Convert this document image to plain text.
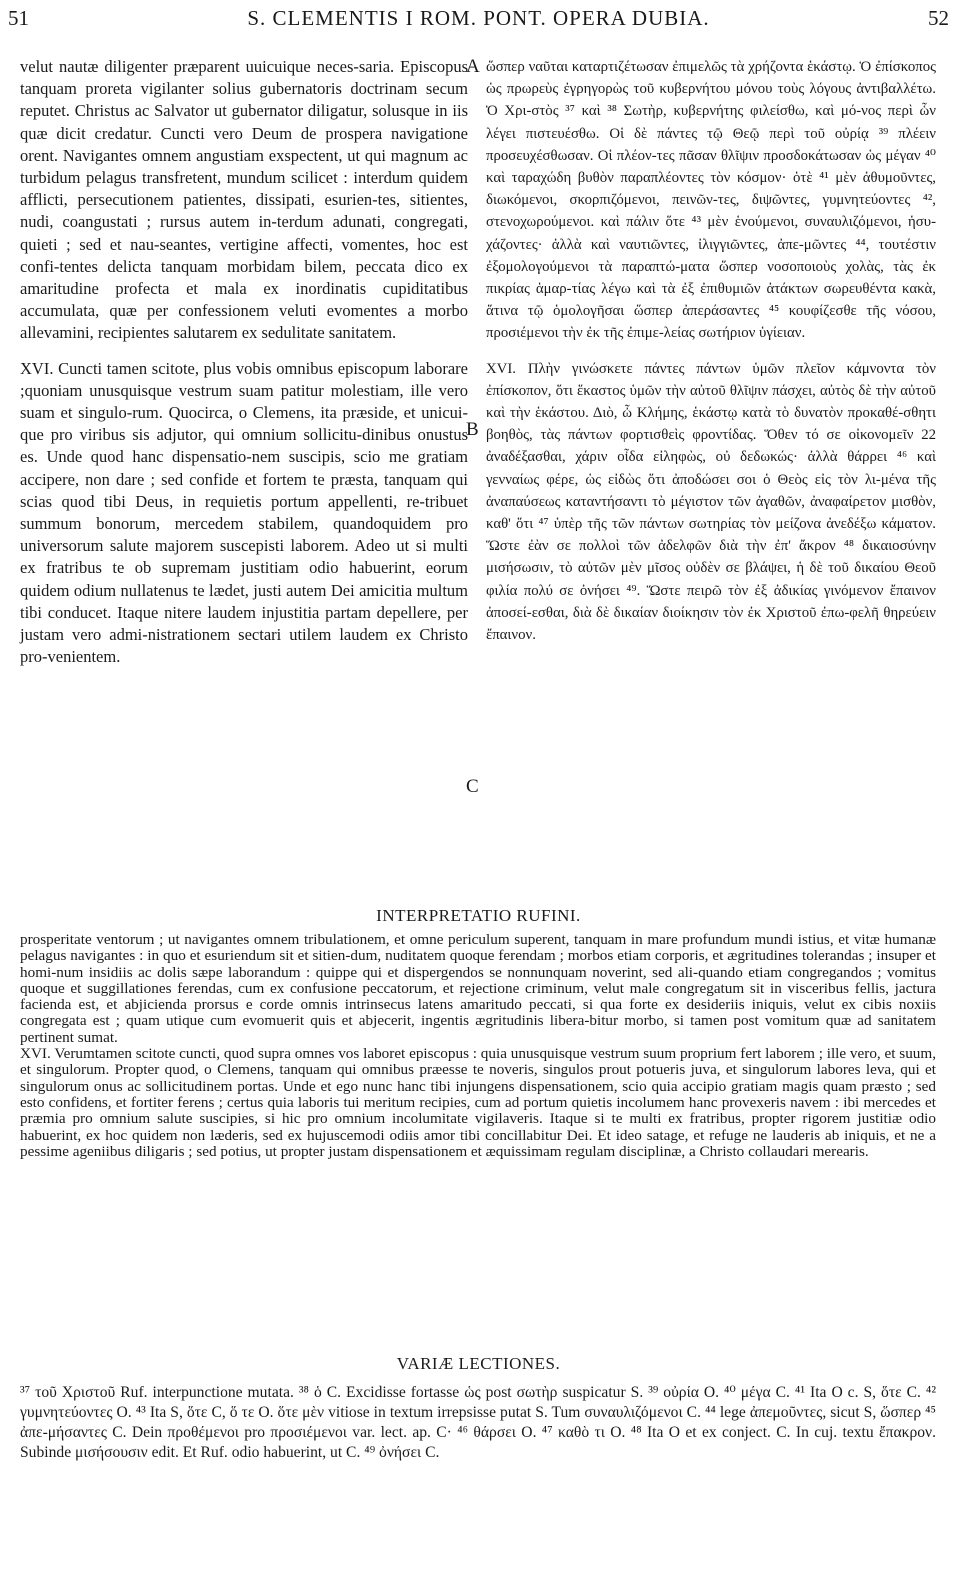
51	S. CLEMENTIS I ROM. PONT. OPERA DUBIA.	52

velut nautæ diligenter præparent uuicuique neces-saria. Episcopus tanquam proreta vigilanter solius gubernatoris doctrinam secum reputet. Christus ac Salvator ut gubernator diligatur, solusque in iis quæ dicit credatur. Cuncti vero Deum de prospera navigatione orent. Navigantes omnem angustiam exspectent, ut qui magnum ac turbidum pelagus transfretent, mundum scilicet : interdum quidem afflicti, persecutionem patientes, dissipati, esurien-tes, sitientes, nudi, coangustati ; rursus autem in-terdum adunati, congregati, quieti ; sed et nau-seantes, vertigine affecti, vomentes, hoc est confi-tentes delicta tanquam morbidam bilem, peccata dico ex amaritudine profecta et mala ex inordinatis cupiditatibus accumulata, quæ per confessionem veluti evomentes a morbo allevamini, recipientes salutarem ex sedulitate sanitatem.

XVI. Cuncti tamen scitote, plus vobis omnibus episcopum laborare ;quoniam unusquisque vestrum suam patitur molestiam, ille vero suam et singulo-rum. Quocirca, o Clemens, ita præside, et unicui-que pro viribus sis adjutor, qui omnium sollicitu-dinibus onustus es. Unde quod hanc dispensatio-nem suscipis, scio me gratiam accipere, non dare ; sed confide et fortem te præsta, tanquam qui scias quod tibi Deus, in requietis portum appellenti, re-tribuet summum bonorum, mercedem stabilem, quandoquidem pro universorum salute majorem suscepisti laborem. Adeo ut si multi ex fratribus te ob supremam justitiam odio habuerint, eorum quidem odium nullatenus te lædet, justi autem Dei amicitia multum tibi conducet. Itaque nitere laudem injustitia partam depellere, per justam vero admi-nistrationem sectari utilem laudem ex Christo pro-venientem.

A
B
C

ὥσπερ ναῦται καταρτιζέτωσαν ἐπιμελῶς τὰ χρήζοντα ἑκάστῳ. Ὁ ἐπίσκοπος ὡς πρωρεὺς ἐγρηγορὼς τοῦ κυβερνήτου μόνου τοὺς λόγους ἀντιβαλλέτω. Ὁ Χρι-στὸς ³⁷ καὶ ³⁸ Σωτὴρ, κυβερνήτης φιλείσθω, καὶ μό-νος περὶ ὧν λέγει πιστευέσθω. Οἱ δὲ πάντες τῷ Θεῷ περὶ τοῦ οὐρίᾳ ³⁹ πλέειν προσευχέσθωσαν. Οἱ πλέον-τες πᾶσαν θλῖψιν προσδοκάτωσαν ὡς μέγαν ⁴⁰ καὶ ταραχώδη βυθὸν παραπλέοντες τὸν κόσμον· ὁτὲ ⁴¹ μὲν ἀθυμοῦντες, διωκόμενοι, σκορπιζόμενοι, πεινῶν-τες, διψῶντες, γυμνητεύοντες ⁴², στενοχωρούμενοι. καὶ πάλιν ὅτε ⁴³ μὲν ἑνούμενοι, συναυλιζόμενοι, ἡσυ-χάζοντες· ἀλλὰ καὶ ναυτιῶντες, ἰλιγγιῶντες, ἀπε-μῶντες ⁴⁴, τουτέστιν ἐξομολογούμενοι τὰ παραπτώ-ματα ὥσπερ νοσοποιοὺς χολὰς, τὰς ἐκ πικρίας ἁμαρ-τίας λέγω καὶ τὰ ἐξ ἐπιθυμιῶν ἀτάκτων σωρευθέντα κακὰ, ἅτινα τῷ ὁμολογῆσαι ὥσπερ ἀπεράσαντες ⁴⁵ κουφίζεσθε τῆς νόσου, προσιέμενοι τὴν ἐκ τῆς ἐπιμε-λείας σωτήριον ὑγίειαν.

XVI. Πλὴν γινώσκετε πάντες πάντων ὑμῶν πλεῖον κάμνοντα τὸν ἐπίσκοπον, ὅτι ἕκαστος ὑμῶν τὴν αὐτοῦ θλῖψιν πάσχει, αὐτὸς δὲ τὴν αὐτοῦ καὶ τὴν ἑκάστου. Διὸ, ὦ Κλήμης, ἑκάστῳ κατὰ τὸ δυνατὸν προκαθέ-σθητι βοηθὸς, τὰς πάντων φορτισθεὶς φροντίδας. Ὅθεν τό σε οἰκονομεῖν 22 ἀναδέξασθαι, χάριν οἶδα εἰληφὼς, οὐ δεδωκώς· ἀλλὰ θάρρει ⁴⁶ καὶ γενναίως φέρε, ὡς εἰδὼς ὅτι ἀποδώσει σοι ὁ Θεὸς εἰς τὸν λι-μένα τῆς ἀναπαύσεως καταντήσαντι τὸ μέγιστον τῶν ἀγαθῶν, ἀναφαίρετον μισθὸν, καθ' ὅτι ⁴⁷ ὑπὲρ τῆς τῶν πάντων σωτηρίας τὸν μείζονα ἀνεδέξω κάματον. Ὥστε ἐὰν σε πολλοὶ τῶν ἀδελφῶν διὰ τὴν ἐπ' ἄκρον ⁴⁸ δικαιοσύνην μισήσωσιν, τὸ αὐτῶν μὲν μῖσος οὐδὲν σε βλάψει, ἡ δὲ τοῦ δικαίου Θεοῦ φιλία πολύ σε ὀνήσει ⁴⁹. Ὥστε πειρῶ τὸν ἐξ ἀδικίας γινόμενον ἔπαινον ἀποσεί-εσθαι, διὰ δὲ δικαίαν διοίκησιν τὸν ἐκ Χριστοῦ ἐπω-φελῆ θηρεύειν ἔπαινον.

INTERPRETATIO RUFINI.

prosperitate ventorum ; ut navigantes omnem tribulationem, et omne periculum superent, tanquam in mare profundum mundi istius, et vitæ humanæ pelagus navigantes : in quo et esuriendum sit et sitien-dum, nuditatem quoque ferendam ; morbos etiam corporis, et ægritudines tolerandas ; insuper et homi-num insidiis ac dolis sæpe laborandum : quippe qui et dispergendos se nonnunquam noverint, sed ali-quando etiam congregandos ; vomitus quoque et suggillationes ferendas, cum ex confusione peccatorum, et rejectione criminum, velut male congregatum sit in visceribus fellis, jactura facienda est, et abjicienda prorsus e corde omnis intrinsecus latens amaritudo peccati, si qua forte ex desideriis iniquis, velut ex cibis noxiis congregata est ; quam utique cum evomuerit quis et abjecerit, ingentis ægritudinis libera-bitur morbo, si tamen post vomitum quæ ad sanitatem pertinent sumat.

XVI. Verumtamen scitote cuncti, quod supra omnes vos laboret episcopus : quia unusquisque vestrum suum proprium fert laborem ; ille vero, et suum, et singulorum. Propter quod, o Clemens, tanquam qui omnibus præesse te noveris, singulos prout potueris juva, et singulorum labores leva, qui et singulorum onus ac sollicitudinem portas. Unde et ego nunc hanc tibi injungens dispensationem, scio quia accipio gratiam magis quam præsto ; sed esto confidens, et fortiter ferens ; certus quia laboris tui meritum recipies, cum ad portum quietis incolumem hanc provexeris navem : ibi mercedes et præmia pro omnium salute suscipies, si hic pro omnium incolumitate vigilaveris. Itaque si te multi ex fratribus, propter rigorem justitiæ odio habuerint, ex hoc quidem non læderis, sed ex hujuscemodi odiis amor tibi concillabitur Dei. Et ideo satage, et refuge ne lauderis ab iniquis, et ne a pessime ageniibus diligaris ; sed potius, ut propter justam dispensationem et æquissimam regulam disciplinæ, a Christo collaudari merearis.

VARIÆ LECTIONES.
³⁷ τοῦ Χριστοῦ Ruf. interpunctione mutata. ³⁸ ὁ C. Excidisse fortasse ὡς post σωτὴρ suspicatur S. ³⁹ οὐρία O. ⁴⁰ μέγα C. ⁴¹ Ita O c. S, ὅτε C. ⁴² γυμνητεύοντες O. ⁴³ Ita S, ὅτε C, ὅ τε O. ὅτε μὲν vitiose in textum irrepsisse putat S. Tum συναυλιζόμενοι C. ⁴⁴ lege ἀπεμοῦντες, sicut S, ὥσπερ ⁴⁵ ἀπε-μήσαντες C. Dein προθέμενοι pro προσιέμενοι var. lect. ap. C· ⁴⁶ θάρσει O. ⁴⁷ καθὸ τι O. ⁴⁸ Ita O et ex conject. C. In cuj. textu ἔπακρον. Subinde μισήσουσιν edit. Et Ruf. odio habuerint, ut C. ⁴⁹ ὀνήσει C.
